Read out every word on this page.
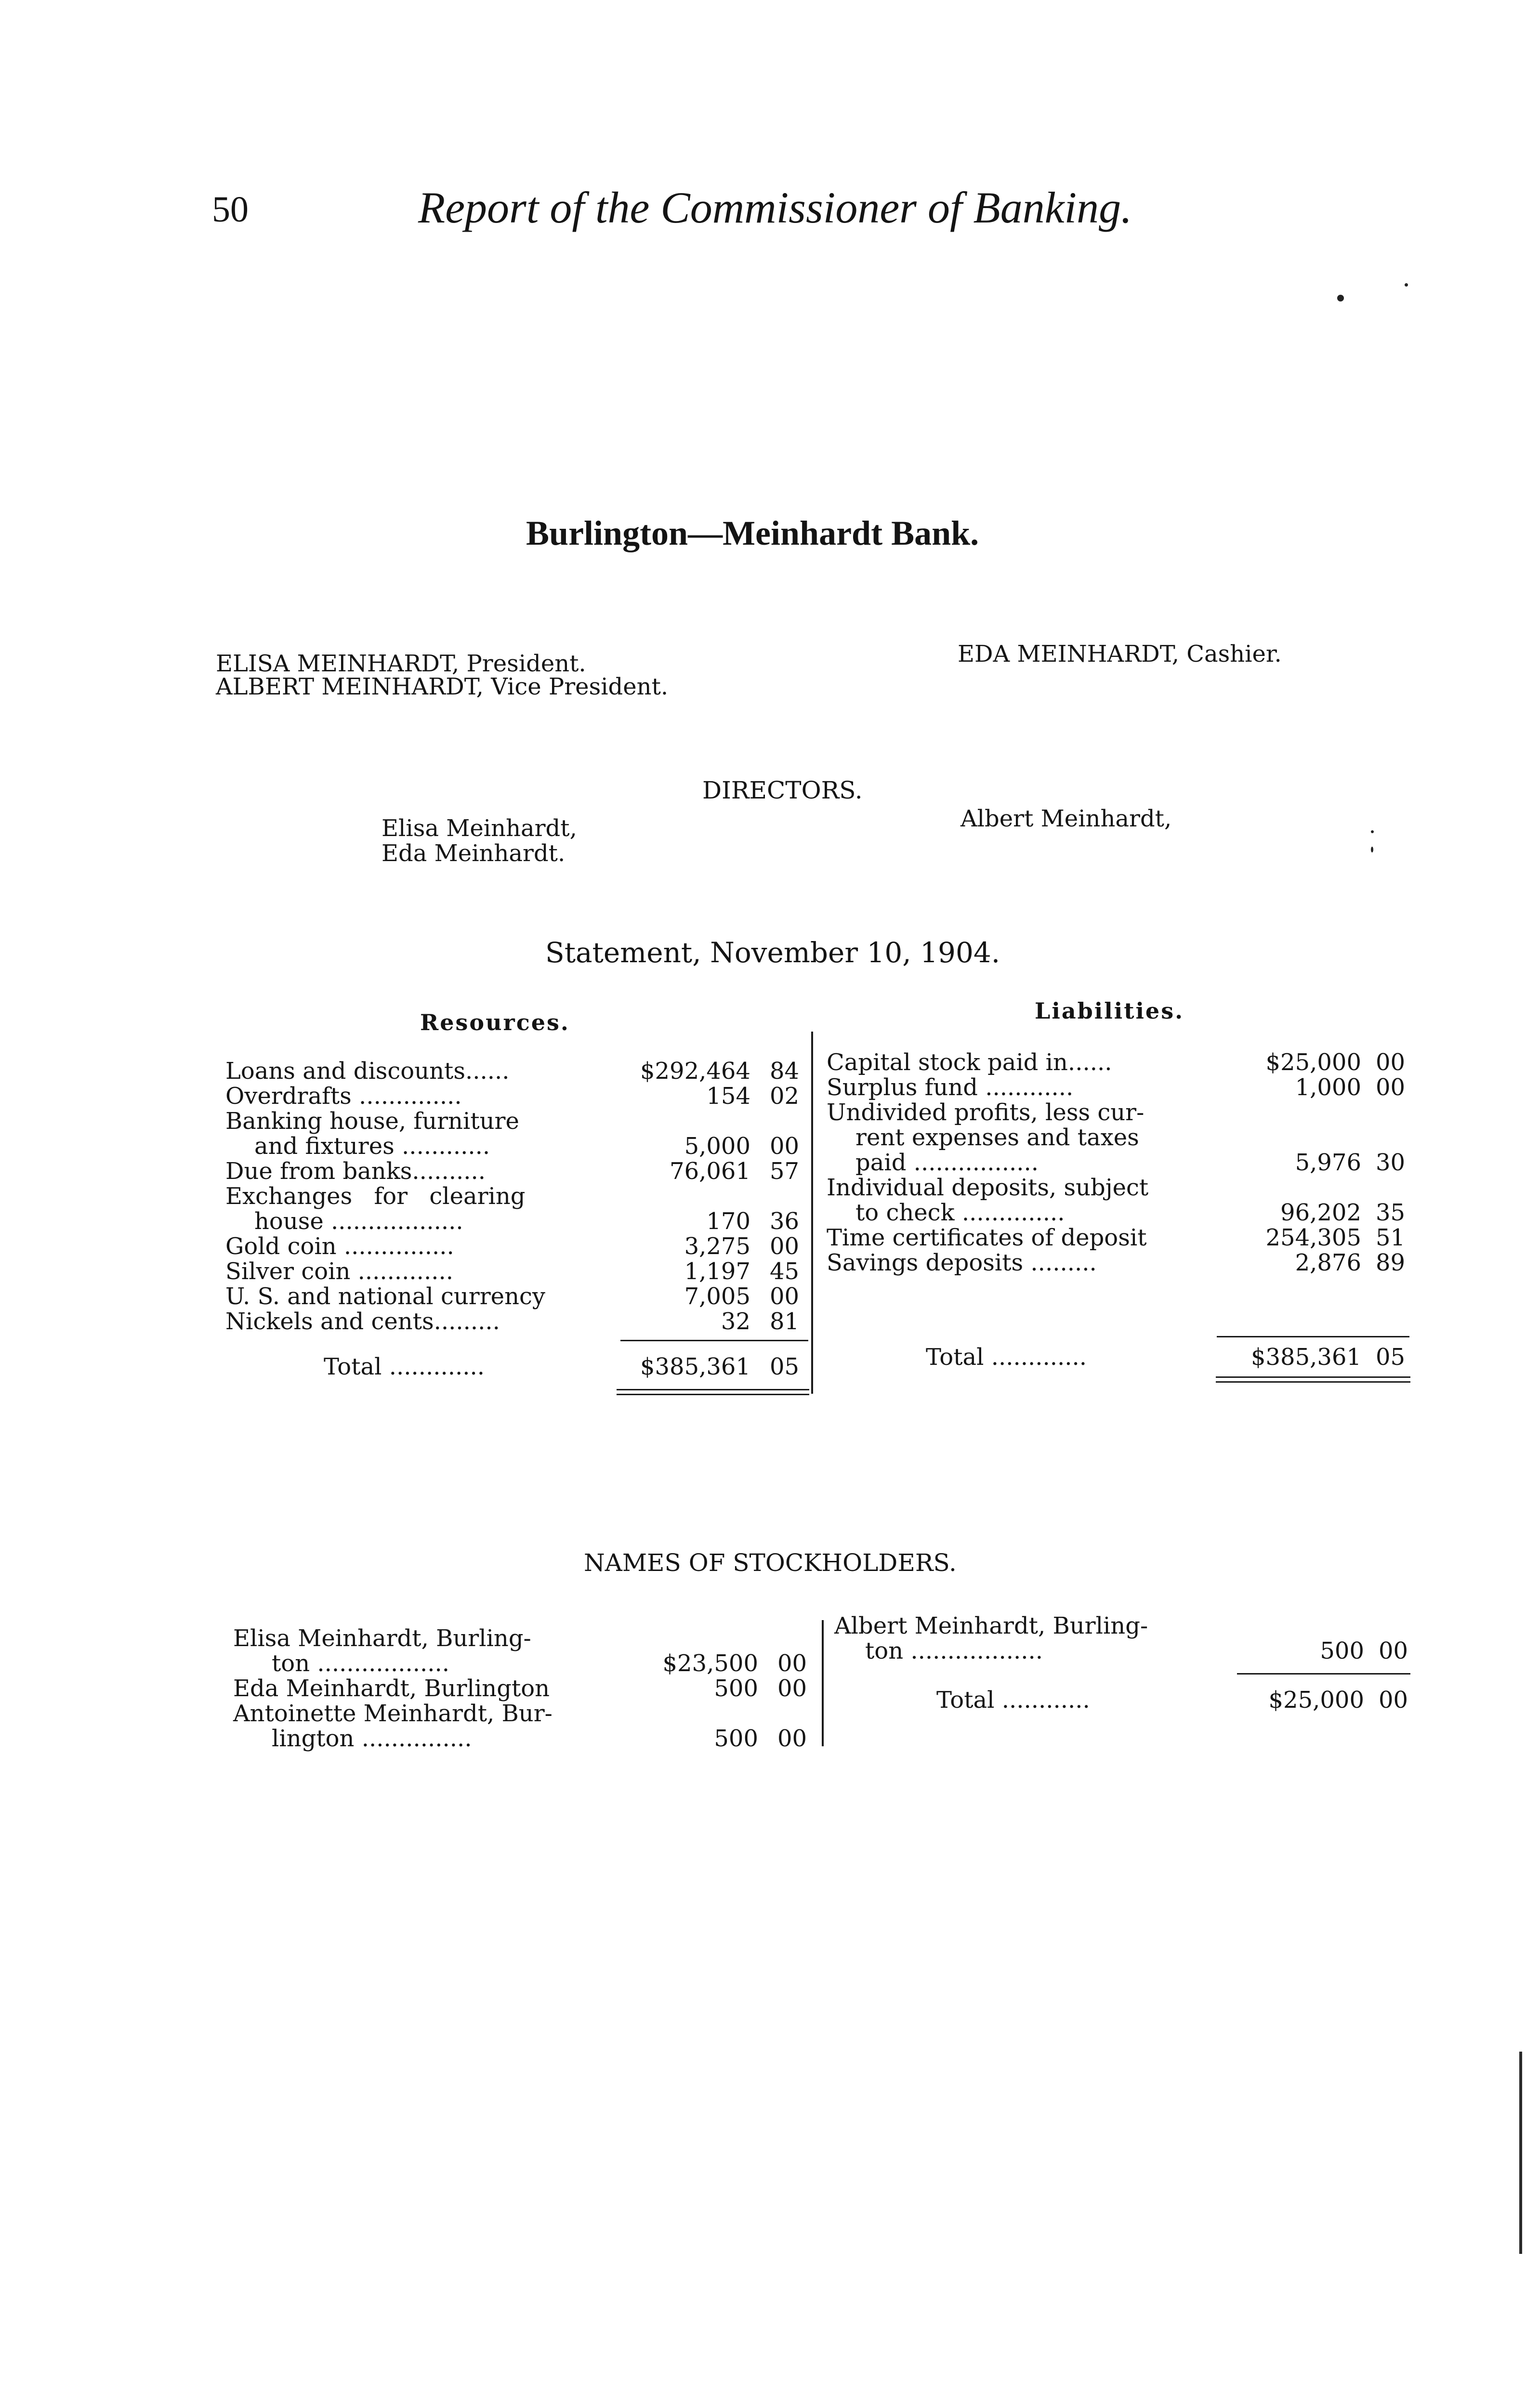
50	Report of the Commissioner of Banking.
Burlington—Meinhardt Bank.
ELISA MEINHARDT, President.
ALBERT MEINHARDT, Vice President.
EDA MEINHARDT, Cashier.
DIRECTORS.
Elisa Meinhardt,
Eda Meinhardt.
Albert Meinhardt,
Statement, November 10, 1904.
Resources.	Liabilities.
Loans and discounts......	$292,464 84
Overdrafts ..............	154 02
Banking house, furniture
and fixtures ............	5,000 00
Due from banks..........	76,061 57
Exchanges for clearing
house ..................	170 36
Gold coin ...............	3,275 00
Silver coin .............	1,197 45
U. S. and national currency	7,005 00
Nickels and cents.........	32 81
Total .............	$385,361 05
Capital stock paid in......	$25,000 00
Surplus fund ............	1,000 00
Undivided profits, less cur-
rent expenses and taxes
paid .................	5,976 30
Individual deposits, subject
to check ..............	96,202 35
Time certificates of deposit	254,305 51
Savings deposits .........	2,876 89
Total .............	$385,361 05
NAMES OF STOCKHOLDERS.
Elisa Meinhardt, Burling-
ton ..................	$23,500 00
Eda Meinhardt, Burlington	500 00
Antoinette Meinhardt, Bur-
lington ...............	500 00
Albert Meinhardt, Burling-
ton ..................	500 00
Total ............	$25,000 00
